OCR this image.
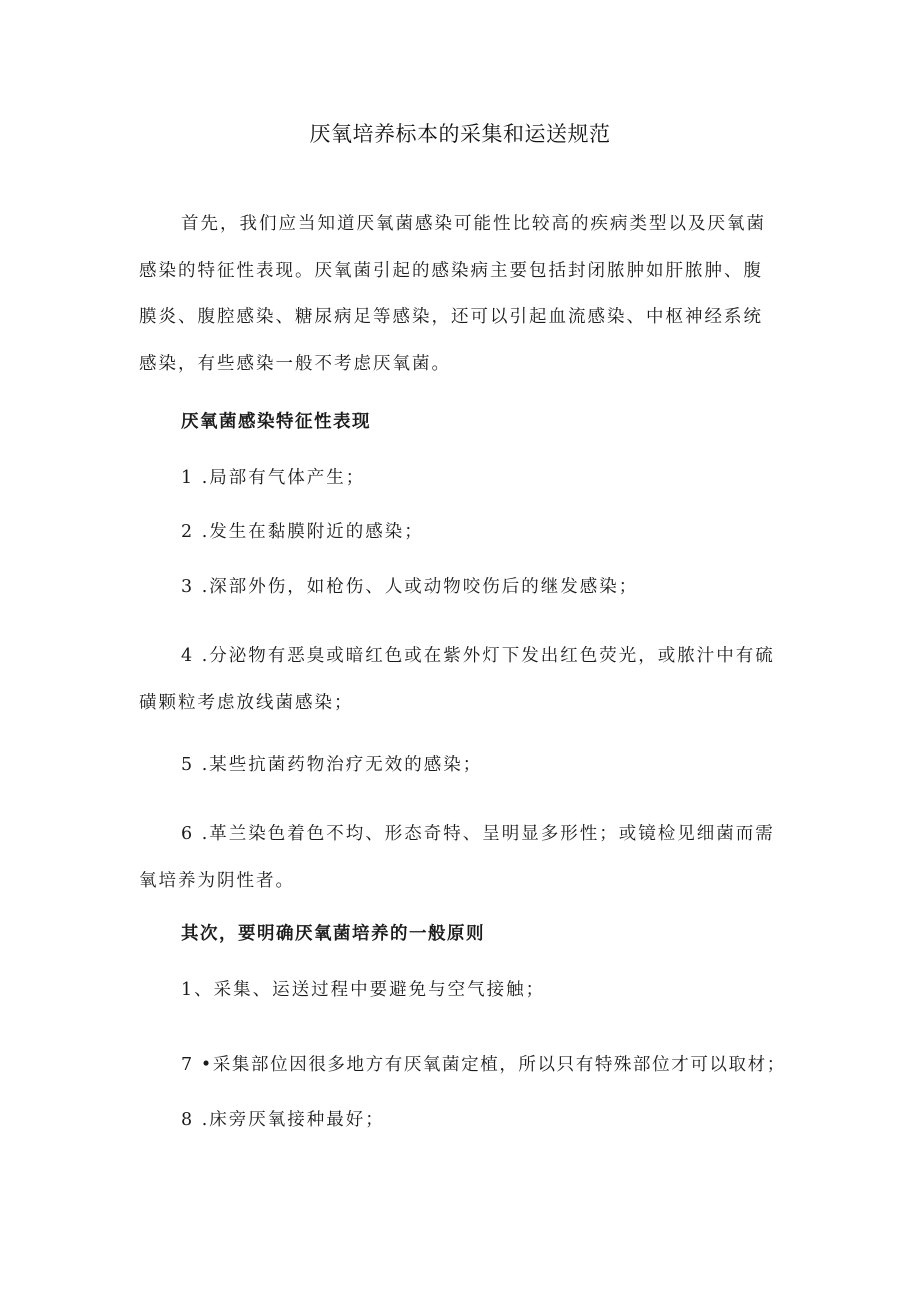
厌氧培养标本的采集和运送规范
首先，我们应当知道厌氧菌感染可能性比较高的疾病类型以及厌氧菌
感染的特征性表现。厌氧菌引起的感染病主要包括封闭脓肿如肝脓肿、腹
膜炎、腹腔感染、糖尿病足等感染，还可以引起血流感染、中枢神经系统
感染，有些感染一般不考虑厌氧菌。
厌氧菌感染特征性表现
1 .局部有气体产生；
2 .发生在黏膜附近的感染；
3 .深部外伤，如枪伤、人或动物咬伤后的继发感染；
4 .分泌物有恶臭或暗红色或在紫外灯下发出红色荧光，或脓汁中有硫
磺颗粒考虑放线菌感染；
5 .某些抗菌药物治疗无效的感染；
6 .革兰染色着色不均、形态奇特、呈明显多形性；或镜检见细菌而需
氧培养为阴性者。
其次，要明确厌氧菌培养的一般原则
1、采集、运送过程中要避免与空气接触；
7 •采集部位因很多地方有厌氧菌定植，所以只有特殊部位才可以取材；
8 .床旁厌氧接种最好；
